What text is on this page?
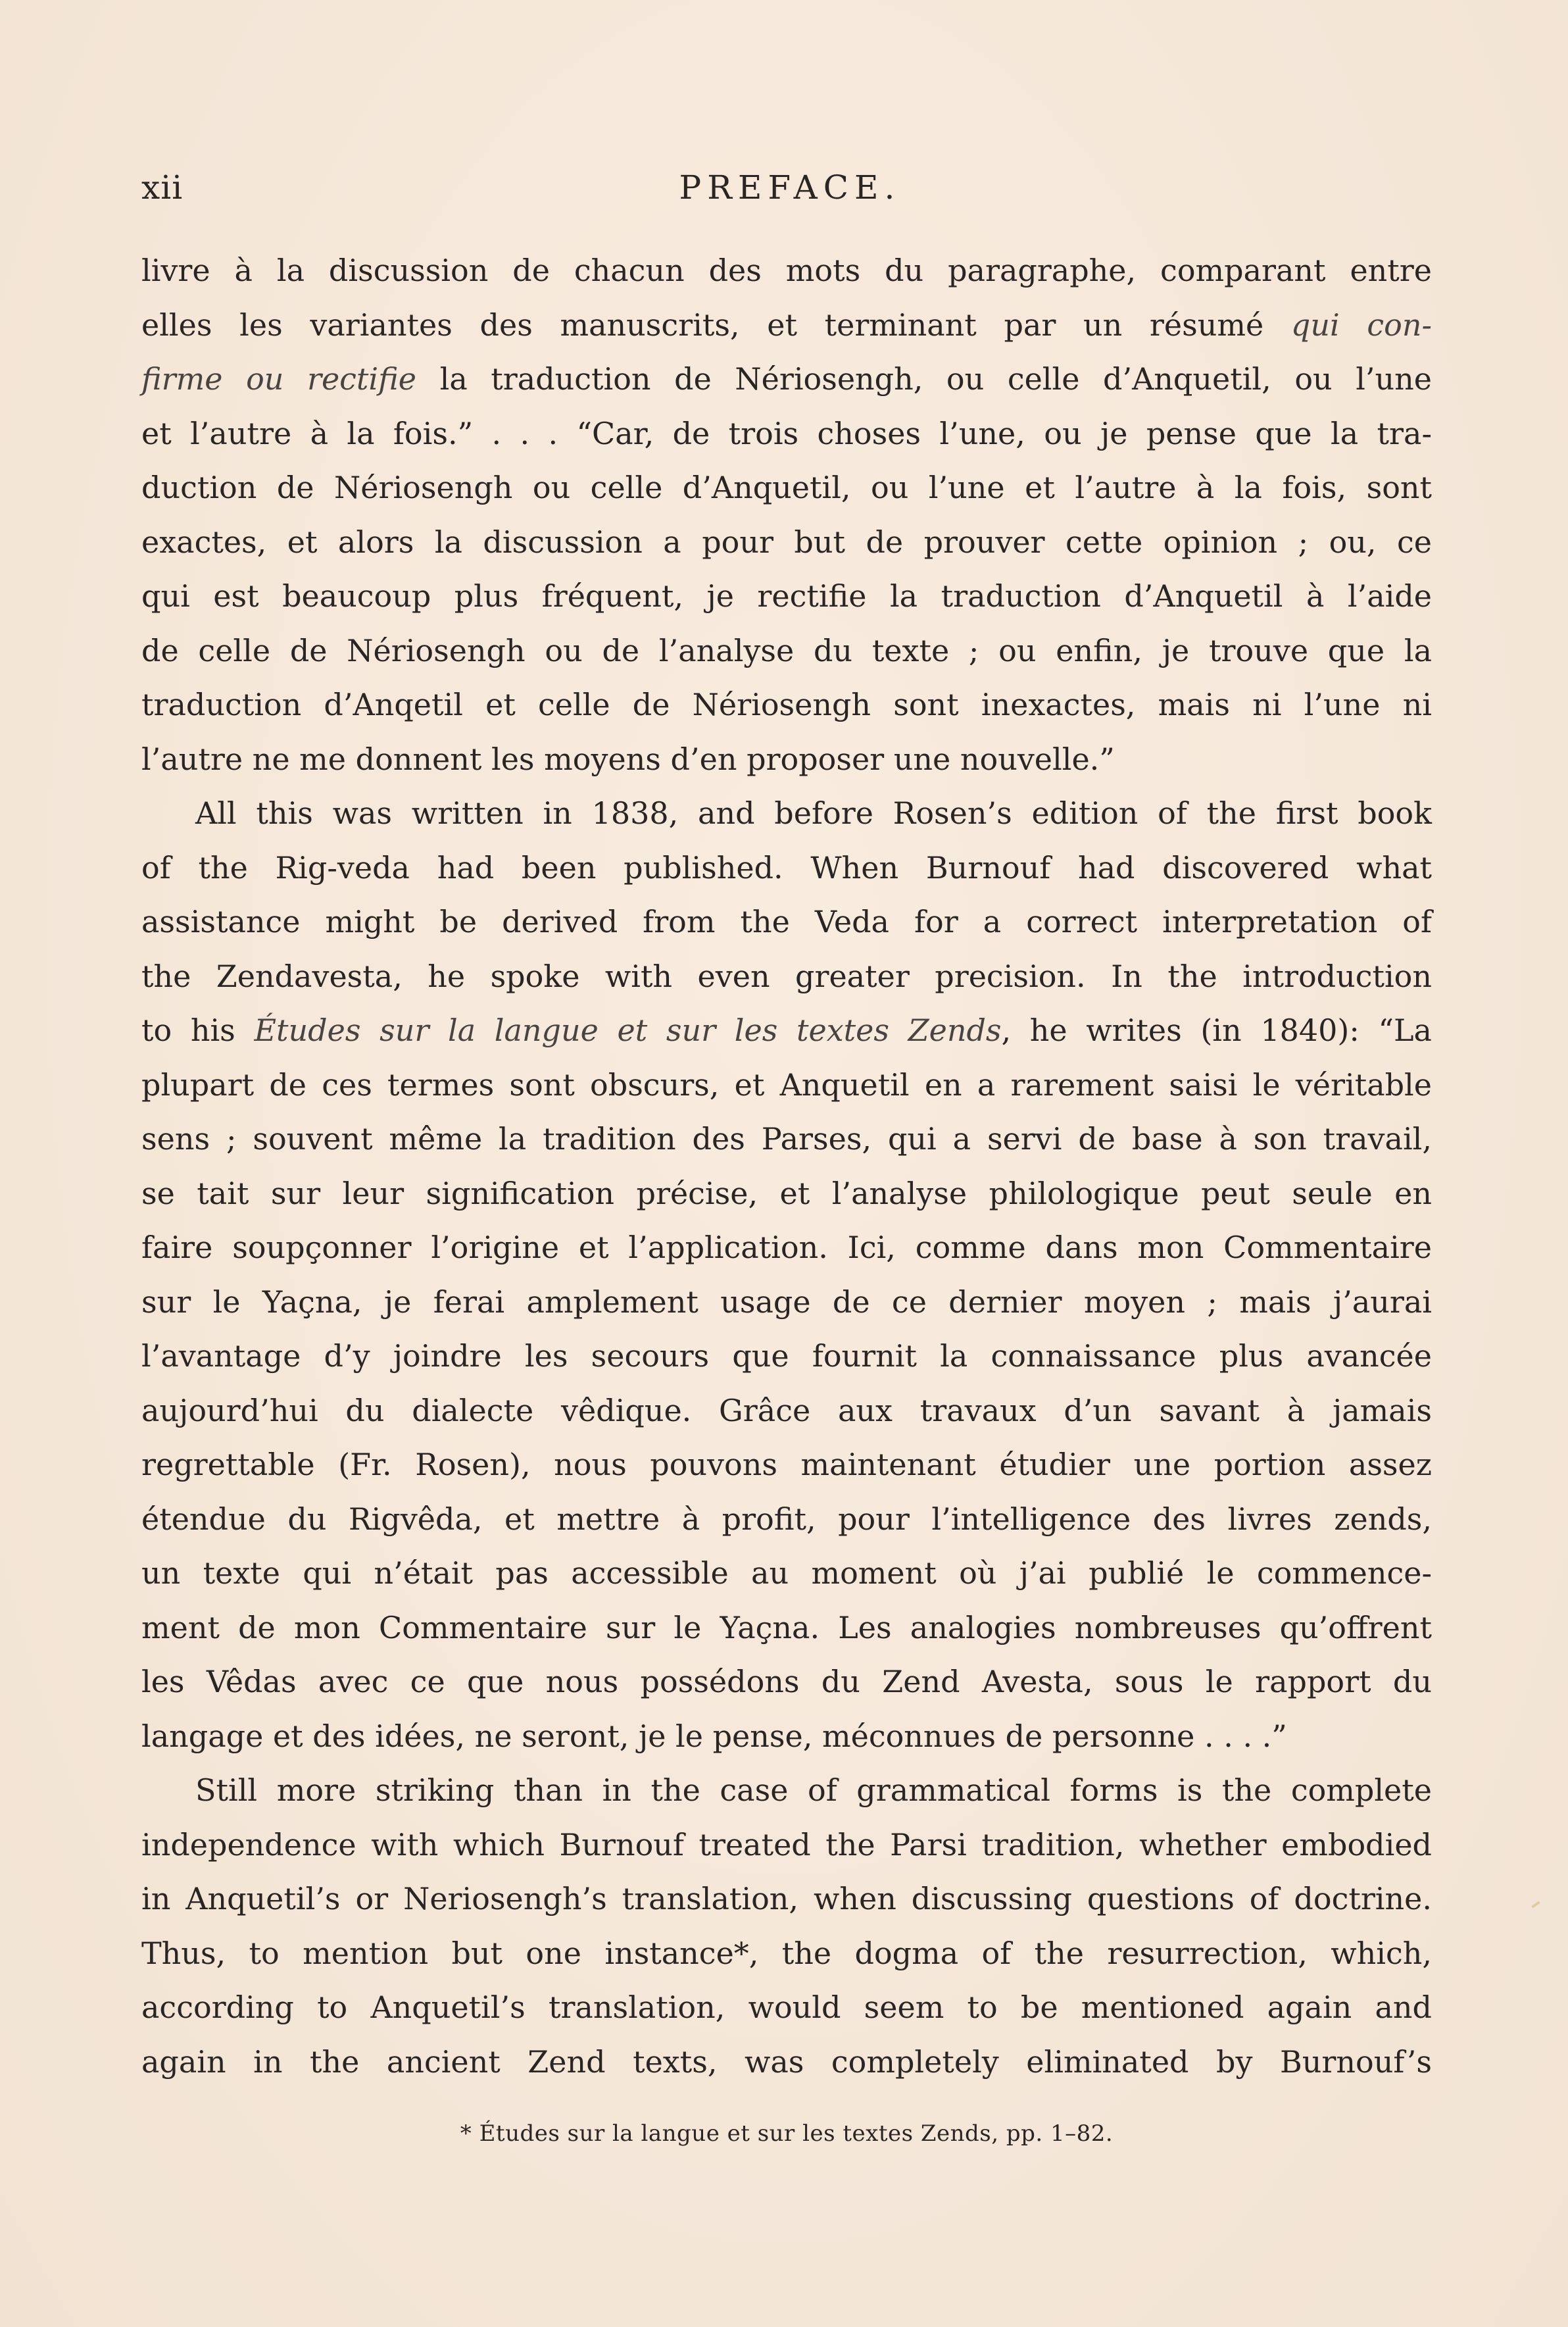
xii	PREFACE.
livre à la discussion de chacun des mots du paragraphe, comparant entre
elles les variantes des manuscrits, et terminant par un résumé qui con-
firme ou rectifie la traduction de Nériosengh, ou celle d’Anquetil, ou l’une
et l’autre à la fois.” . . . “Car, de trois choses l’une, ou je pense que la tra-
duction de Nériosengh ou celle d’Anquetil, ou l’une et l’autre à la fois, sont
exactes, et alors la discussion a pour but de prouver cette opinion ; ou, ce
qui est beaucoup plus fréquent, je rectifie la traduction d’Anquetil à l’aide
de celle de Nériosengh ou de l’analyse du texte ; ou enfin, je trouve que la
traduction d’Anqetil et celle de Nériosengh sont inexactes, mais ni l’une ni
l’autre ne me donnent les moyens d’en proposer une nouvelle.”
All this was written in 1838, and before Rosen’s edition of the first book
of the Rig-veda had been published. When Burnouf had discovered what
assistance might be derived from the Veda for a correct interpretation of
the Zendavesta, he spoke with even greater precision. In the introduction
to his Études sur la langue et sur les textes Zends, he writes (in 1840): “La
plupart de ces termes sont obscurs, et Anquetil en a rarement saisi le véritable
sens ; souvent même la tradition des Parses, qui a servi de base à son travail,
se tait sur leur signification précise, et l’analyse philologique peut seule en
faire soupçonner l’origine et l’application. Ici, comme dans mon Commentaire
sur le Yaçna, je ferai amplement usage de ce dernier moyen ; mais j’aurai
l’avantage d’y joindre les secours que fournit la connaissance plus avancée
aujourd’hui du dialecte vêdique. Grâce aux travaux d’un savant à jamais
regrettable (Fr. Rosen), nous pouvons maintenant étudier une portion assez
étendue du Rigvêda, et mettre à profit, pour l’intelligence des livres zends,
un texte qui n’était pas accessible au moment où j’ai publié le commence-
ment de mon Commentaire sur le Yaçna. Les analogies nombreuses qu’offrent
les Vêdas avec ce que nous possédons du Zend Avesta, sous le rapport du
langage et des idées, ne seront, je le pense, méconnues de personne . . . .”
Still more striking than in the case of grammatical forms is the complete
independence with which Burnouf treated the Parsi tradition, whether embodied
in Anquetil’s or Neriosengh’s translation, when discussing questions of doctrine.
Thus, to mention but one instance*, the dogma of the resurrection, which,
according to Anquetil’s translation, would seem to be mentioned again and
again in the ancient Zend texts, was completely eliminated by Burnouf’s
* Études sur la langue et sur les textes Zends, pp. 1–82.
